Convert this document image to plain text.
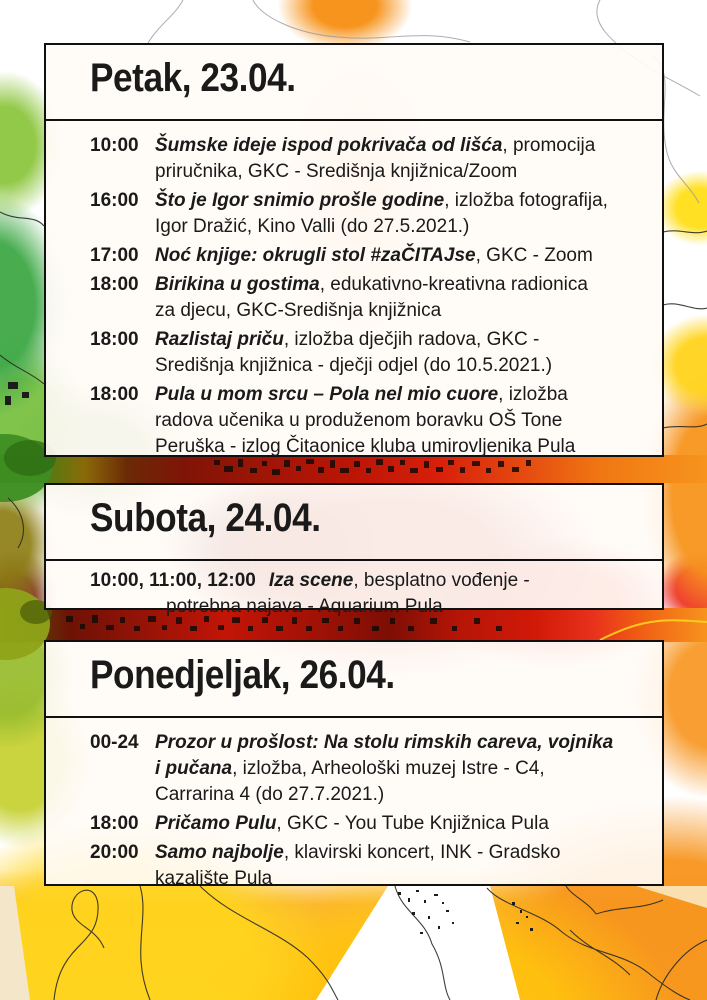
Petak, 23.04.
10:00 Šumske ideje ispod pokrivača od lišća, promocija
priručnika, GKC - Središnja knjižnica/Zoom
16:00 Što je Igor snimio prošle godine, izložba fotografija,
Igor Dražić, Kino Valli (do 27.5.2021.)
17:00 Noć knjige: okrugli stol #zaČITAJse, GKC - Zoom
18:00 Birikina u gostima, edukativno-kreativna radionica
za djecu, GKC-Središnja knjižnica
18:00 Razlistaj priču, izložba dječjih radova, GKC -
Središnja knjižnica - dječji odjel (do 10.5.2021.)
18:00 Pula u mom srcu – Pola nel mio cuore, izložba
radova učenika u produženom boravku OŠ Tone
Peruška - izlog Čitaonice kluba umirovljenika Pula
Subota, 24.04.
10:00, 11:00, 12:00 Iza scene, besplatno vođenje -
potrebna najava - Aquarium Pula
Ponedjeljak, 26.04.
00-24 Prozor u prošlost: Na stolu rimskih careva, vojnika
i pučana, izložba, Arheološki muzej Istre - C4,
Carrarina 4 (do 27.7.2021.)
18:00 Pričamo Pulu, GKC - You Tube Knjižnica Pula
20:00 Samo najbolje, klavirski koncert, INK - Gradsko
kazalište Pula
